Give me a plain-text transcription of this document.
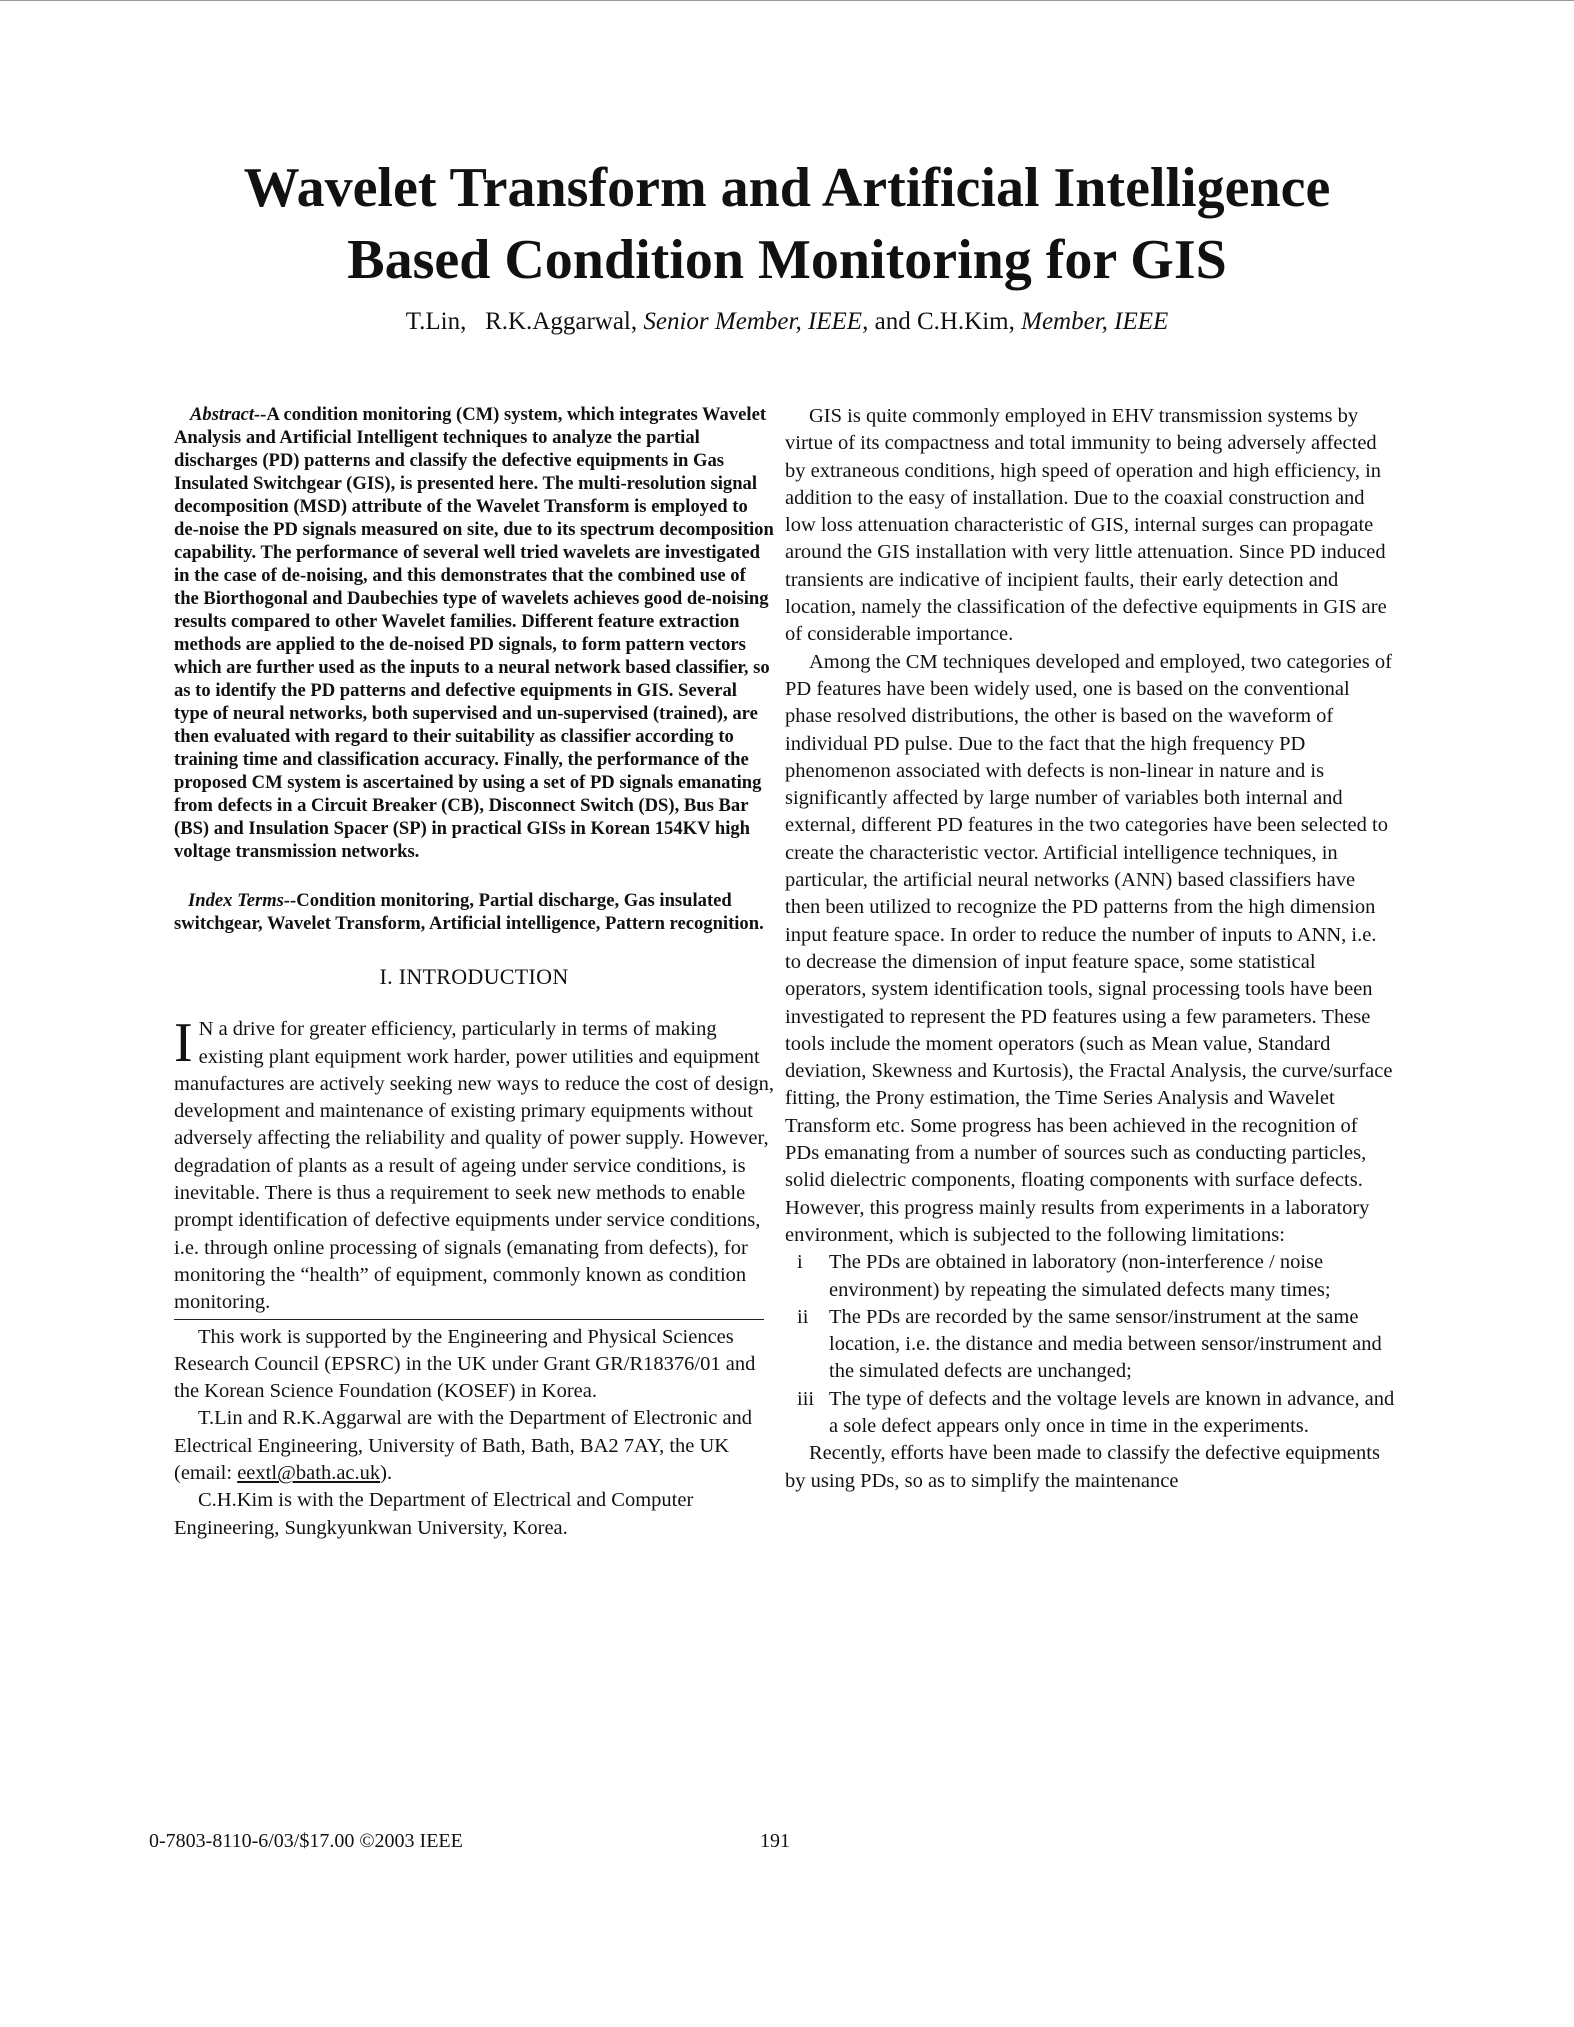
Wavelet Transform and Artificial Intelligence
Based Condition Monitoring for GIS
T.Lin, R.K.Aggarwal, Senior Member, IEEE, and C.H.Kim, Member, IEEE

Abstract--A condition monitoring (CM) system, which integrates Wavelet Analysis and Artificial Intelligent techniques to analyze the partial discharges (PD) patterns and classify the defective equipments in Gas Insulated Switchgear (GIS), is presented here. The multi-resolution signal decomposition (MSD) attribute of the Wavelet Transform is employed to de-noise the PD signals measured on site, due to its spectrum decomposition capability. The performance of several well tried wavelets are investigated in the case of de-noising, and this demonstrates that the combined use of the Biorthogonal and Daubechies type of wavelets achieves good de-noising results compared to other Wavelet families. Different feature extraction methods are applied to the de-noised PD signals, to form pattern vectors which are further used as the inputs to a neural network based classifier, so as to identify the PD patterns and defective equipments in GIS. Several type of neural networks, both supervised and un-supervised (trained), are then evaluated with regard to their suitability as classifier according to training time and classification accuracy. Finally, the performance of the proposed CM system is ascertained by using a set of PD signals emanating from defects in a Circuit Breaker (CB), Disconnect Switch (DS), Bus Bar (BS) and Insulation Spacer (SP) in practical GISs in Korean 154KV high voltage transmission networks.

Index Terms--Condition monitoring, Partial discharge, Gas insulated switchgear, Wavelet Transform, Artificial intelligence, Pattern recognition.

I. INTRODUCTION

I N a drive for greater efficiency, particularly in terms of making existing plant equipment work harder, power utilities and equipment manufactures are actively seeking new ways to reduce the cost of design, development and maintenance of existing primary equipments without adversely affecting the reliability and quality of power supply. However, degradation of plants as a result of ageing under service conditions, is inevitable. There is thus a requirement to seek new methods to enable prompt identification of defective equipments under service conditions, i.e. through online processing of signals (emanating from defects), for monitoring the “health” of equipment, commonly known as condition monitoring.

This work is supported by the Engineering and Physical Sciences Research Council (EPSRC) in the UK under Grant GR/R18376/01 and the Korean Science Foundation (KOSEF) in Korea.

T.Lin and R.K.Aggarwal are with the Department of Electronic and Electrical Engineering, University of Bath, Bath, BA2 7AY, the UK (email: eextl@bath.ac.uk).

C.H.Kim is with the Department of Electrical and Computer Engineering, Sungkyunkwan University, Korea.

GIS is quite commonly employed in EHV transmission systems by virtue of its compactness and total immunity to being adversely affected by extraneous conditions, high speed of operation and high efficiency, in addition to the easy of installation. Due to the coaxial construction and low loss attenuation characteristic of GIS, internal surges can propagate around the GIS installation with very little attenuation. Since PD induced transients are indicative of incipient faults, their early detection and location, namely the classification of the defective equipments in GIS are of considerable importance.

Among the CM techniques developed and employed, two categories of PD features have been widely used, one is based on the conventional phase resolved distributions, the other is based on the waveform of individual PD pulse. Due to the fact that the high frequency PD phenomenon associated with defects is non-linear in nature and is significantly affected by large number of variables both internal and external, different PD features in the two categories have been selected to create the characteristic vector. Artificial intelligence techniques, in particular, the artificial neural networks (ANN) based classifiers have then been utilized to recognize the PD patterns from the high dimension input feature space. In order to reduce the number of inputs to ANN, i.e. to decrease the dimension of input feature space, some statistical operators, system identification tools, signal processing tools have been investigated to represent the PD features using a few parameters. These tools include the moment operators (such as Mean value, Standard deviation, Skewness and Kurtosis), the Fractal Analysis, the curve/surface fitting, the Prony estimation, the Time Series Analysis and Wavelet Transform etc. Some progress has been achieved in the recognition of PDs emanating from a number of sources such as conducting particles, solid dielectric components, floating components with surface defects. However, this progress mainly results from experiments in a laboratory environment, which is subjected to the following limitations:

i The PDs are obtained in laboratory (non-interference / noise environment) by repeating the simulated defects many times;
ii The PDs are recorded by the same sensor/instrument at the same location, i.e. the distance and media between sensor/instrument and the simulated defects are unchanged;
iii The type of defects and the voltage levels are known in advance, and a sole defect appears only once in time in the experiments.

Recently, efforts have been made to classify the defective equipments by using PDs, so as to simplify the maintenance

0-7803-8110-6/03/$17.00 ©2003 IEEE	191
